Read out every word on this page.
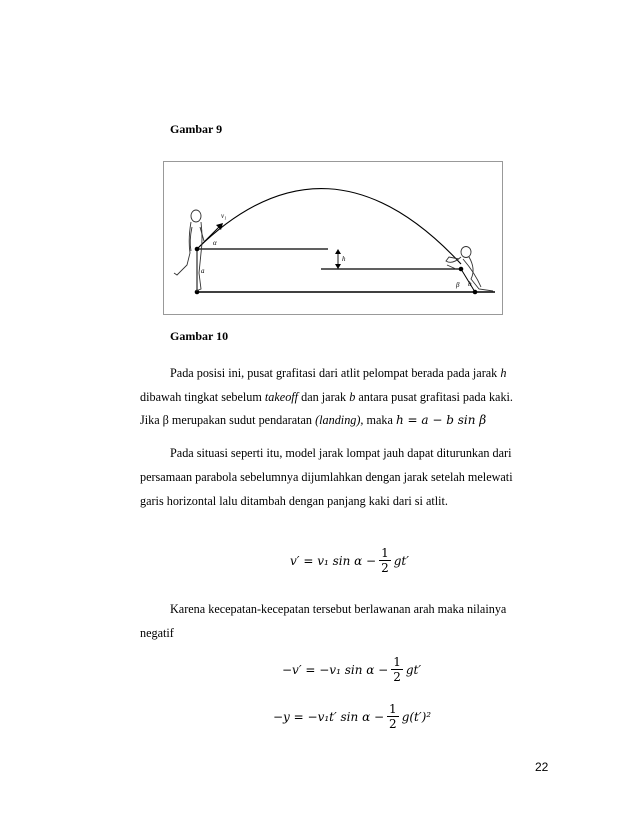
Gambar 9
v₁
α
a
h
b
β
Gambar 10
Pada posisi ini, pusat grafitasi dari atlit pelompat berada pada jarak h
dibawah tingkat sebelum takeoff dan jarak b antara pusat grafitasi pada kaki.
Jika β merupakan sudut pendaratan (landing), maka h = a − b sin β
Pada situasi seperti itu, model jarak lompat jauh dapat diturunkan dari
persamaan parabola sebelumnya dijumlahkan dengan jarak setelah melewati
garis horizontal lalu ditambah dengan panjang kaki dari si atlit.
v′ = v₁ $\sin \alpha - \frac{1}{2} gt'$
Karena kecepatan-kecepatan tersebut berlawanan arah maka nilainya
negatif
−v′ = −v₁ $\sin \alpha - \frac{1}{2} gt'$
−y = −v₁t′ $\sin \alpha - \frac{1}{2} g(t')^2$
22
